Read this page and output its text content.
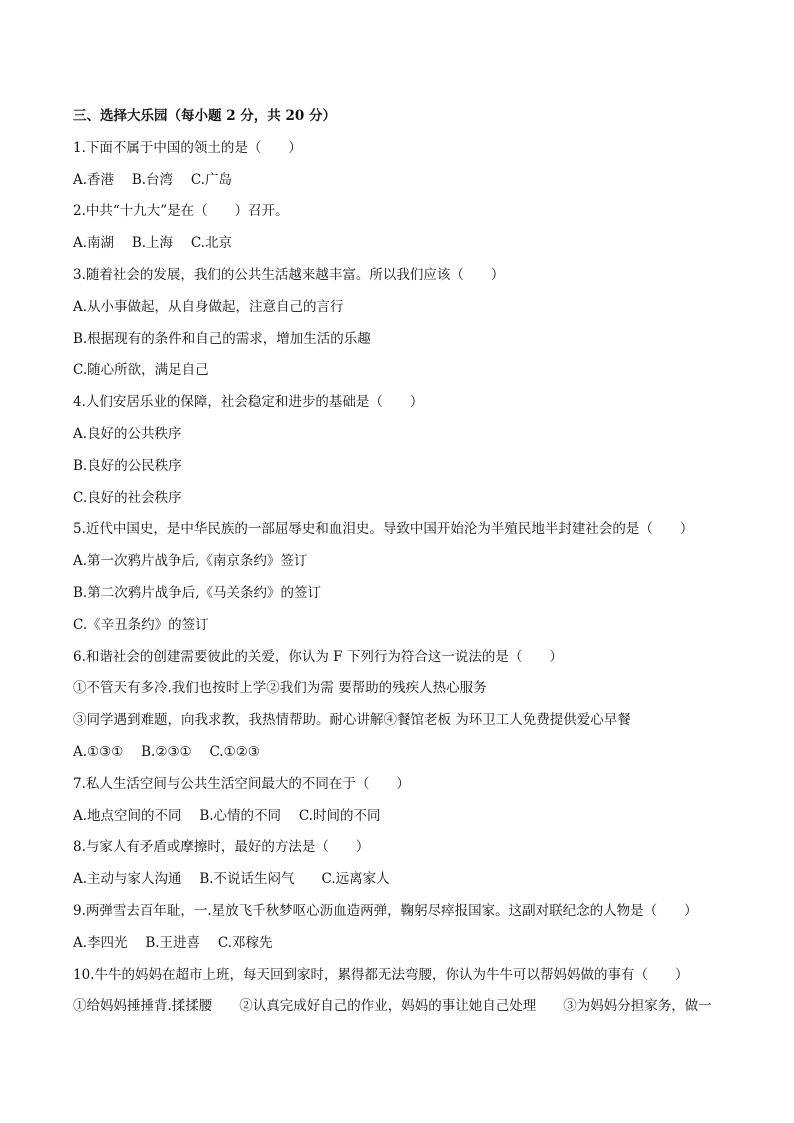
三、选择大乐园（每小题 2 分，共 20 分）
1.下面不属于中国的领土的是（　　）
A.香港　 B.台湾　 C.广岛
2.中共“十九大”是在（　　）召开。
A.南湖　 B.上海　 C.北京
3.随着社会的发展，我们的公共生活越来越丰富。所以我们应该（　　）
A.从小事做起，从自身做起，注意自己的言行
B.根据现有的条件和自己的需求，增加生活的乐趣
C.随心所欲，满足自己
4.人们安居乐业的保障，社会稳定和进步的基础是（　　）
A.良好的公共秩序
B.良好的公民秩序
C.良好的社会秩序
5.近代中国史，是中华民族的一部屈辱史和血泪史。导致中国开始沦为半殖民地半封建社会的是（　　）
A.第一次鸦片战争后,《南京条约》签订
B.第二次鸦片战争后,《马关条约》的签订
C.《辛丑条约》的签订
6.和谐社会的创建需要彼此的关爱，你认为 F 下列行为符合这一说法的是（　　）
①不管天有多冷.我们也按时上学②我们为需 要帮助的残疾人热心服务
③同学遇到难题，向我求教，我热情帮助。耐心讲解④餐馆老板 为环卫工人免费提供爱心早餐
A.①③①　 B.②③①　 C.①②③
7.私人生活空间与公共生活空间最大的不同在于（　　）
A.地点空间的不同　 B.心情的不同　 C.时间的不同
8.与家人有矛盾或摩擦时，最好的方法是（　　）
A.主动与家人沟通　 B.不说话生闷气　　C.远离家人
9.两弹雪去百年耻，一.星放飞千秋梦呕心沥血造两弹，鞠躬尽瘁报国家。这副对联纪念的人物是（　　）
A.李四光　 B.王进喜　 C.邓稼先
10.牛牛的妈妈在超市上班，每天回到家时，累得都无法弯腰，你认为牛牛可以帮妈妈做的事有（　　）
①给妈妈捶捶背.揉揉腰　　②认真完成好自己的作业，妈妈的事让她自己处理　　③为妈妈分担家务，做一
